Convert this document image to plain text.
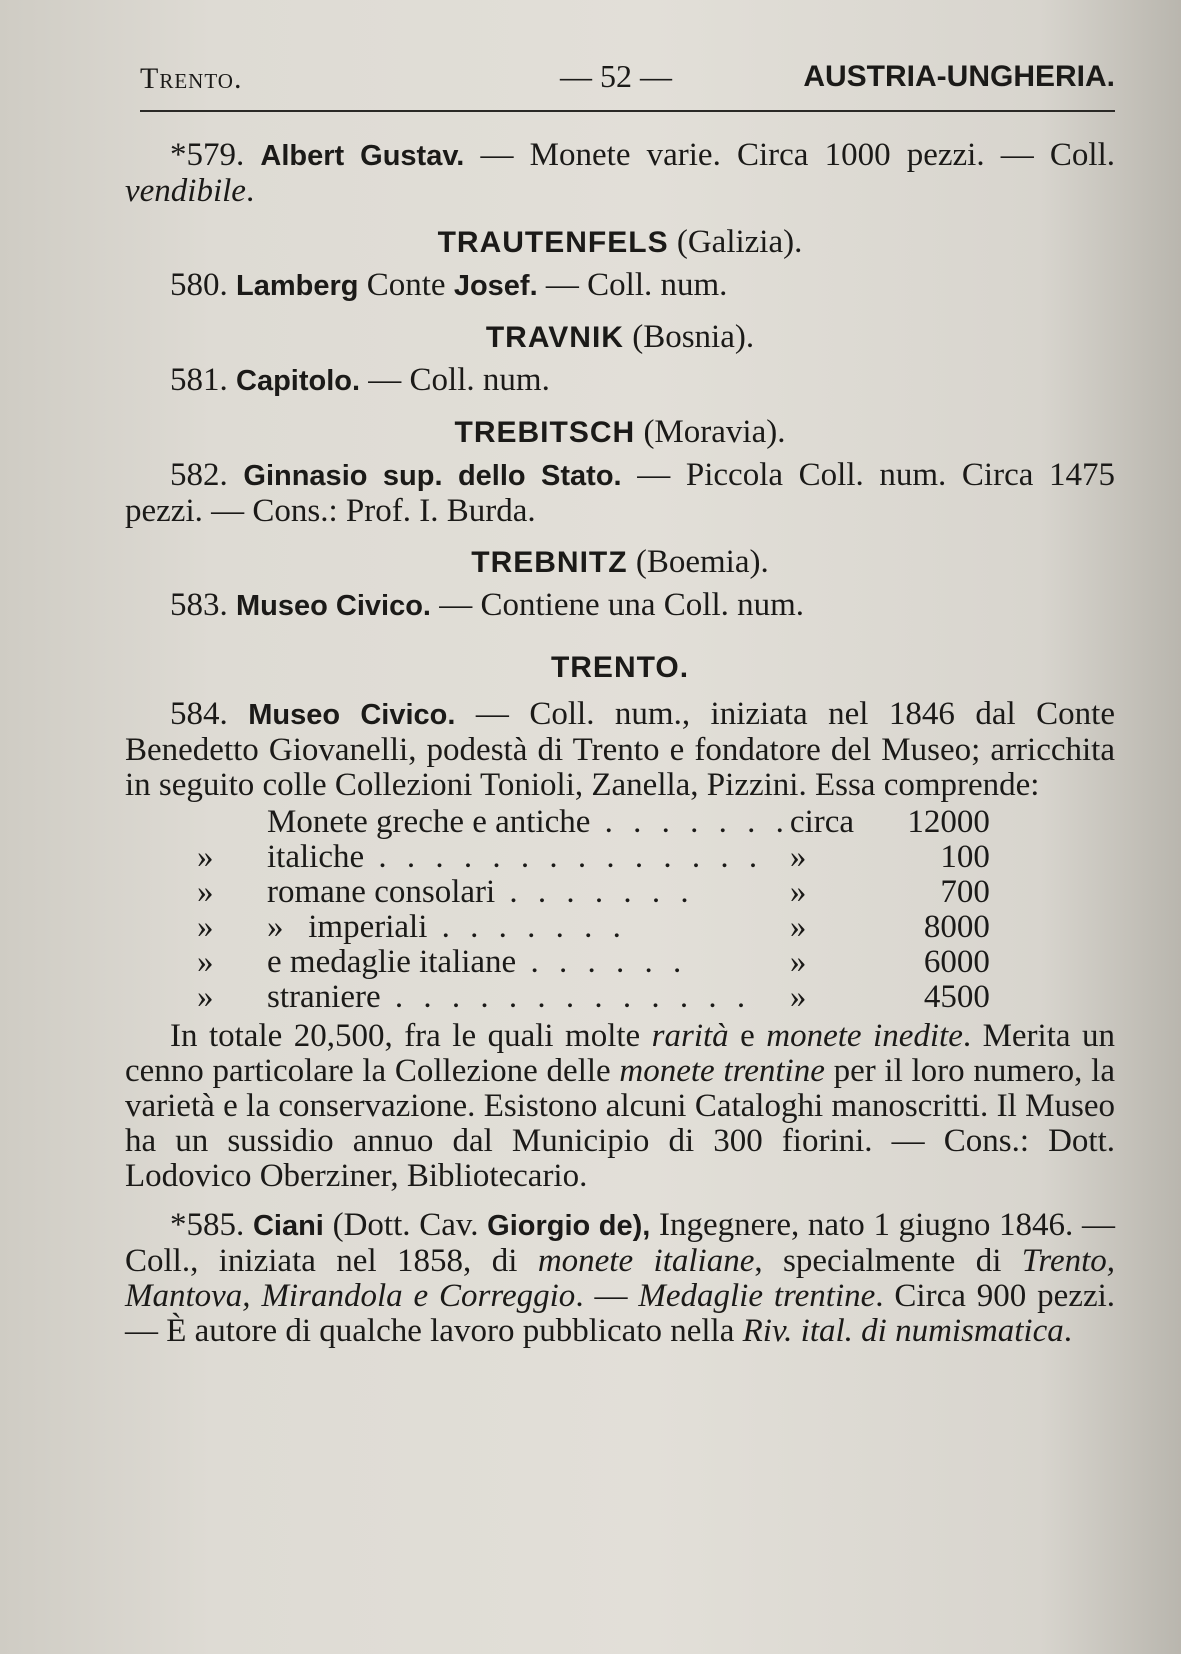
Trento.	— 52 —	AUSTRIA-UNGHERIA.

*579. Albert Gustav. — Monete varie. Circa 1000 pezzi. — Coll. vendibile.

TRAUTENFELS (Galizia).

580. Lamberg Conte Josef. — Coll. num.

TRAVNIK (Bosnia).

581. Capitolo. — Coll. num.

TREBITSCH (Moravia).

582. Ginnasio sup. dello Stato. — Piccola Coll. num. Circa 1475 pezzi. — Cons.: Prof. I. Burda.

TREBNITZ (Boemia).

583. Museo Civico. — Contiene una Coll. num.

TRENTO.

584. Museo Civico. — Coll. num., iniziata nel 1846 dal Conte Benedetto Giovanelli, podestà di Trento e fondatore del Museo; arricchita in seguito colle Collezioni Tonioli, Zanella, Pizzini. Essa comprende:

	Monete greche e antiche . . . . . . .	circa	12000
»	italiche . . . . . . . . . . . . . .	»	100
»	romane consolari . . . . . . .	»	700
»	»   imperiali . . . . . . .	»	8000
»	e medaglie italiane . . . . . .	»	6000
»	straniere . . . . . . . . . . . . .	»	4500

In totale 20,500, fra le quali molte rarità e monete inedite. Merita un cenno particolare la Collezione delle monete trentine per il loro numero, la varietà e la conservazione. Esistono alcuni Cataloghi manoscritti. Il Museo ha un sussidio annuo dal Municipio di 300 fiorini. — Cons.: Dott. Lodovico Oberziner, Bibliotecario.

*585. Ciani (Dott. Cav. Giorgio de), Ingegnere, nato 1 giugno 1846. — Coll., iniziata nel 1858, di monete italiane, specialmente di Trento, Mantova, Mirandola e Correggio. — Medaglie trentine. Circa 900 pezzi. — È autore di qualche lavoro pubblicato nella Riv. ital. di numismatica.
